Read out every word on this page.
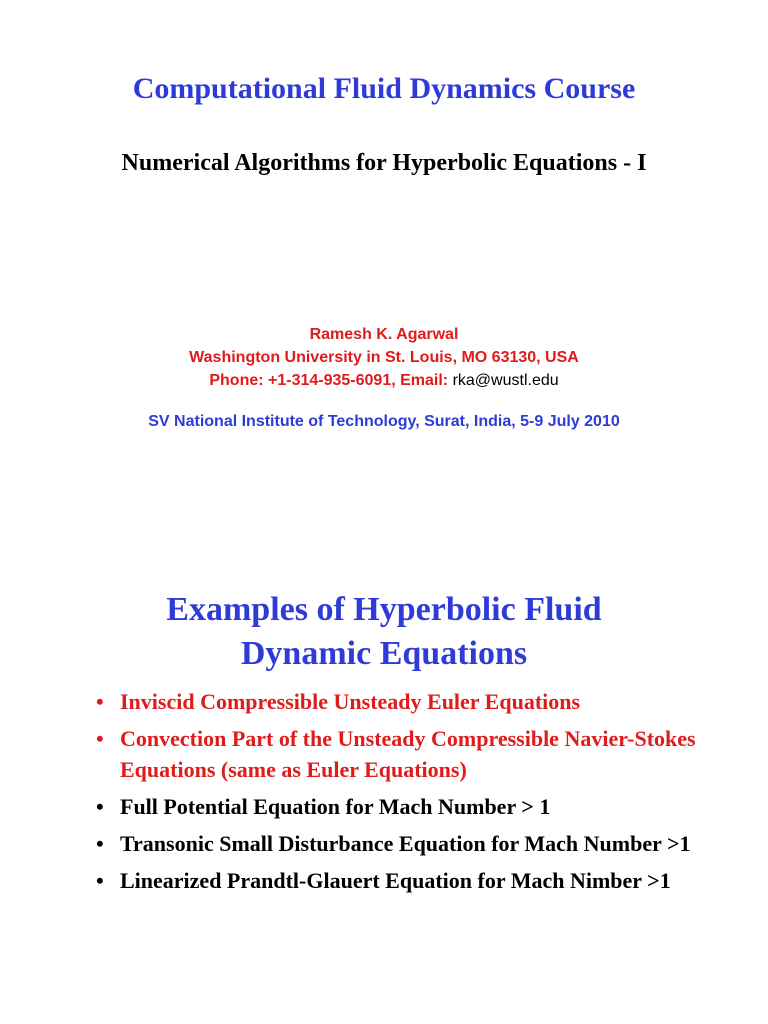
Computational Fluid Dynamics Course
Numerical Algorithms for Hyperbolic Equations - I
Ramesh K. Agarwal
Washington University in St. Louis, MO 63130, USA
Phone: +1-314-935-6091, Email: rka@wustl.edu
SV National Institute of Technology, Surat, India, 5-9 July 2010
Examples of Hyperbolic Fluid
Dynamic Equations
• Inviscid Compressible Unsteady Euler Equations
• Convection Part of the Unsteady Compressible Navier-Stokes Equations (same as Euler Equations)
• Full Potential Equation for Mach Number > 1
• Transonic Small Disturbance Equation for Mach Number >1
• Linearized Prandtl-Glauert Equation for Mach Nimber >1
